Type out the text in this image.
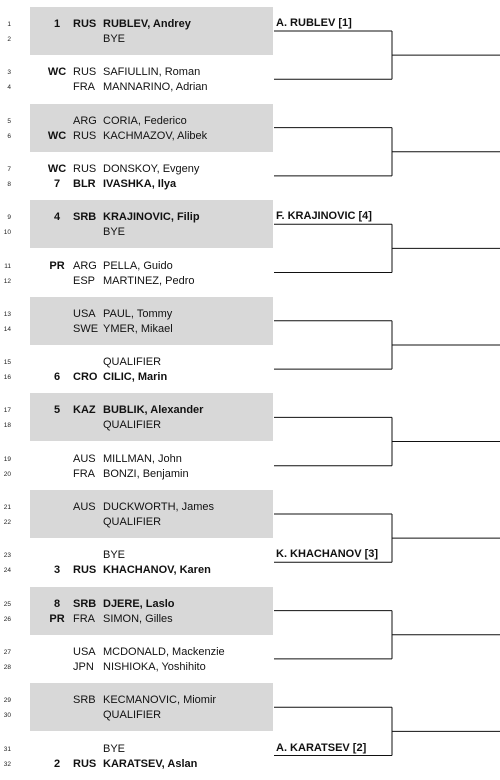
1	1	RUS RUBLEV, Andrey
2	BYE
A. RUBLEV [1]
3	WC RUS SAFIULLIN, Roman
4	FRA MANNARINO, Adrian
5	ARG CORIA, Federico
6	WC RUS KACHMAZOV, Alibek
7	WC RUS DONSKOY, Evgeny
8	7	BLR IVASHKA, Ilya
9	4	SRB KRAJINOVIC, Filip
10	BYE
F. KRAJINOVIC [4]
11	PR ARG PELLA, Guido
12	ESP MARTINEZ, Pedro
13	USA PAUL, Tommy
14	SWE YMER, Mikael
15	QUALIFIER
16	6	CRO CILIC, Marin
17	5	KAZ BUBLIK, Alexander
18	QUALIFIER
19	AUS MILLMAN, John
20	FRA BONZI, Benjamin
21	AUS DUCKWORTH, James
22	QUALIFIER
23	BYE
24	3	RUS KHACHANOV, Karen
K. KHACHANOV [3]
25	8	SRB DJERE, Laslo
26	PR FRA SIMON, Gilles
27	USA MCDONALD, Mackenzie
28	JPN NISHIOKA, Yoshihito
29	SRB KECMANOVIC, Miomir
30	QUALIFIER
31	BYE
32	2	RUS KARATSEV, Aslan
A. KARATSEV [2]
